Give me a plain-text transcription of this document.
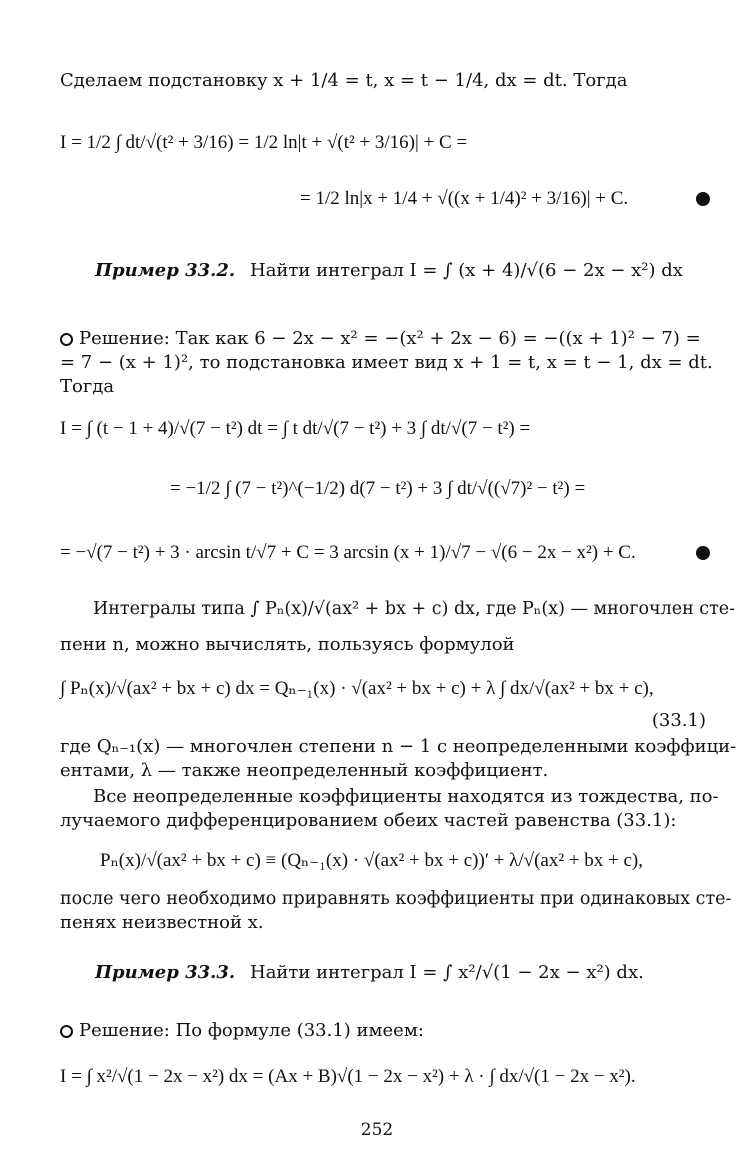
Сделаем подстановку x + 1/4 = t, x = t − 1/4, dx = dt. Тогда
I = 1/2 ∫ dt/√(t² + 3/16) = 1/2 ln|t + √(t² + 3/16)| + C =
= 1/2 ln|x + 1/4 + √((x + 1/4)² + 3/16)| + C.
Пример 33.2. Найти интеграл I = ∫ (x + 4)/√(6 − 2x − x²) dx
Решение: Так как 6 − 2x − x² = −(x² + 2x − 6) = −((x + 1)² − 7) =
= 7 − (x + 1)², то подстановка имеет вид x + 1 = t, x = t − 1, dx = dt.
Тогда
I = ∫ (t − 1 + 4)/√(7 − t²) dt = ∫ t dt/√(7 − t²) + 3 ∫ dt/√(7 − t²) =
= −1/2 ∫ (7 − t²)^(−1/2) d(7 − t²) + 3 ∫ dt/√((√7)² − t²) =
= −√(7 − t²) + 3 · arcsin t/√7 + C = 3 arcsin (x + 1)/√7 − √(6 − 2x − x²) + C.
Интегралы типа ∫ Pₙ(x)/√(ax² + bx + c) dx, где Pₙ(x) — многочлен сте-
пени n, можно вычислять, пользуясь формулой
∫ Pₙ(x)/√(ax² + bx + c) dx = Qₙ₋₁(x) · √(ax² + bx + c) + λ ∫ dx/√(ax² + bx + c),
(33.1)
где Qₙ₋₁(x) — многочлен степени n − 1 с неопределенными коэффици-
ентами, λ — также неопределенный коэффициент.
Все неопределенные коэффициенты находятся из тождества, по-
лучаемого дифференцированием обеих частей равенства (33.1):
Pₙ(x)/√(ax² + bx + c) ≡ (Qₙ₋₁(x) · √(ax² + bx + c))′ + λ/√(ax² + bx + c),
после чего необходимо приравнять коэффициенты при одинаковых сте-
пенях неизвестной x.
Пример 33.3. Найти интеграл I = ∫ x²/√(1 − 2x − x²) dx.
Решение: По формуле (33.1) имеем:
I = ∫ x²/√(1 − 2x − x²) dx = (Ax + B)√(1 − 2x − x²) + λ · ∫ dx/√(1 − 2x − x²).
252
